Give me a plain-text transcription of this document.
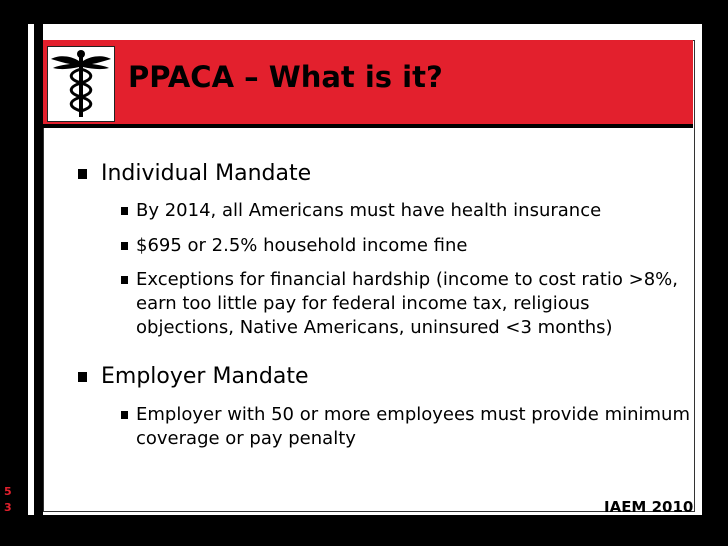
PPACA – What is it?
Individual Mandate
By 2014, all Americans must have health insurance
$695 or 2.5% household income fine
Exceptions for financial hardship (income to cost ratio >8%, earn too little pay for federal income tax, religious objections, Native Americans, uninsured <3 months)
Employer Mandate
Employer with 50 or more employees must provide minimum coverage or pay penalty
5
3	IAEM 2010
